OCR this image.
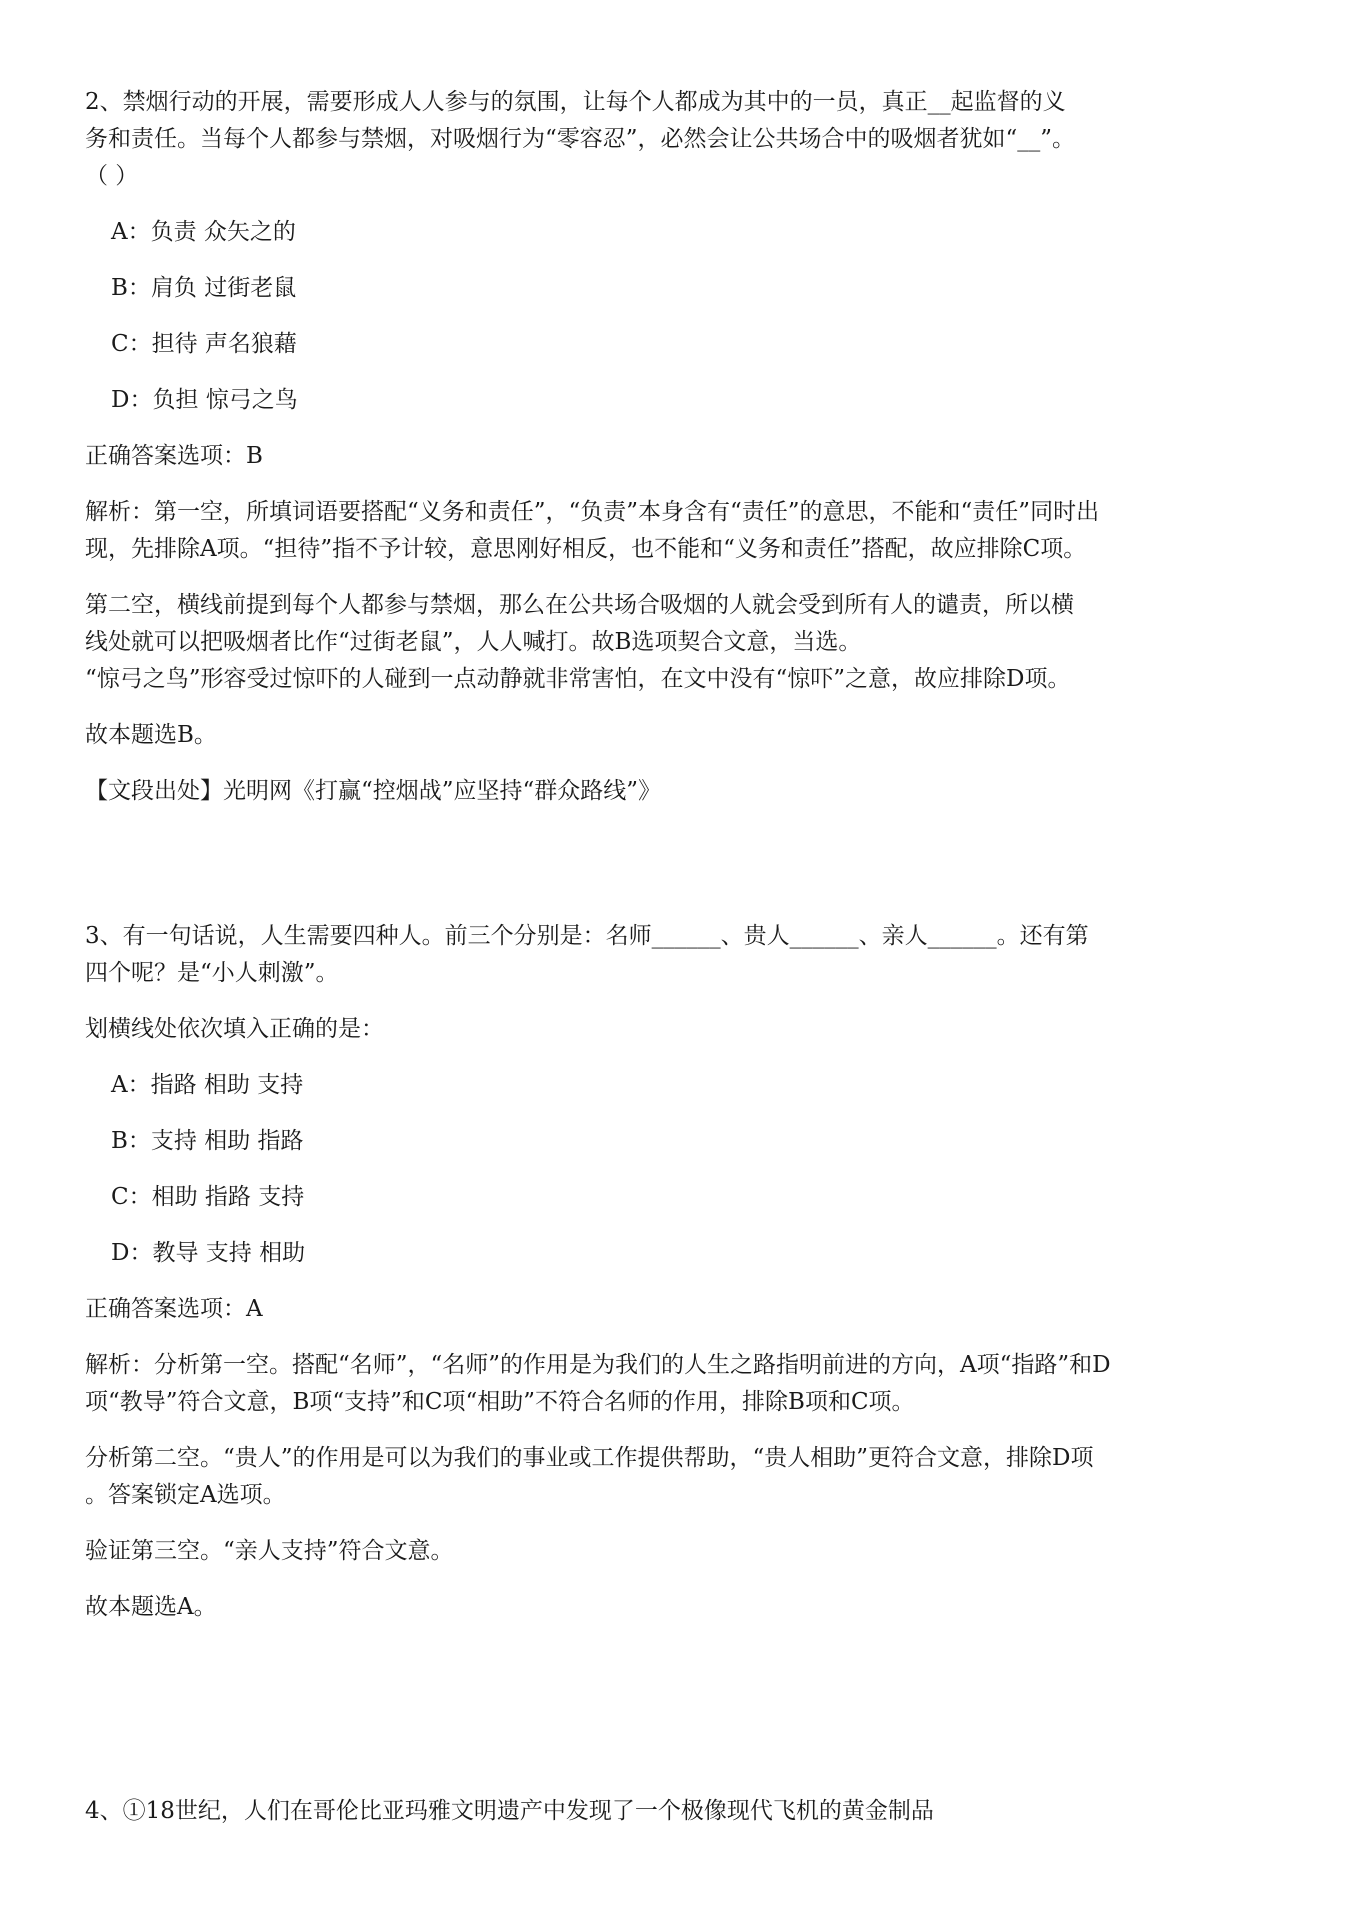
2、禁烟行动的开展，需要形成人人参与的氛围，让每个人都成为其中的一员，真正__起监督的义

务和责任。当每个人都参与禁烟，对吸烟行为“零容忍”，必然会让公共场合中的吸烟者犹如“__”。

（ ）

A：负责 众矢之的

B：肩负 过街老鼠

C：担待 声名狼藉

D：负担 惊弓之鸟

正确答案选项：B

解析：第一空，所填词语要搭配“义务和责任”，“负责”本身含有“责任”的意思，不能和“责任”同时出

现，先排除A项。“担待”指不予计较，意思刚好相反，也不能和“义务和责任”搭配，故应排除C项。

第二空，横线前提到每个人都参与禁烟，那么在公共场合吸烟的人就会受到所有人的谴责，所以横

线处就可以把吸烟者比作“过街老鼠”，人人喊打。故B选项契合文意，当选。

“惊弓之鸟”形容受过惊吓的人碰到一点动静就非常害怕，在文中没有“惊吓”之意，故应排除D项。

故本题选B。

【文段出处】光明网《打赢“控烟战”应坚持“群众路线”》

3、有一句话说，人生需要四种人。前三个分别是：名师______、贵人______、亲人______。还有第

四个呢？是“小人刺激”。

划横线处依次填入正确的是：

A：指路 相助 支持

B：支持 相助 指路

C：相助 指路 支持

D：教导 支持 相助

正确答案选项：A

解析：分析第一空。搭配“名师”，“名师”的作用是为我们的人生之路指明前进的方向，A项“指路”和D

项“教导”符合文意，B项“支持”和C项“相助”不符合名师的作用，排除B项和C项。

分析第二空。“贵人”的作用是可以为我们的事业或工作提供帮助，“贵人相助”更符合文意，排除D项

。答案锁定A选项。

验证第三空。“亲人支持”符合文意。

故本题选A。

4、①18世纪，人们在哥伦比亚玛雅文明遗产中发现了一个极像现代飞机的黄金制品
